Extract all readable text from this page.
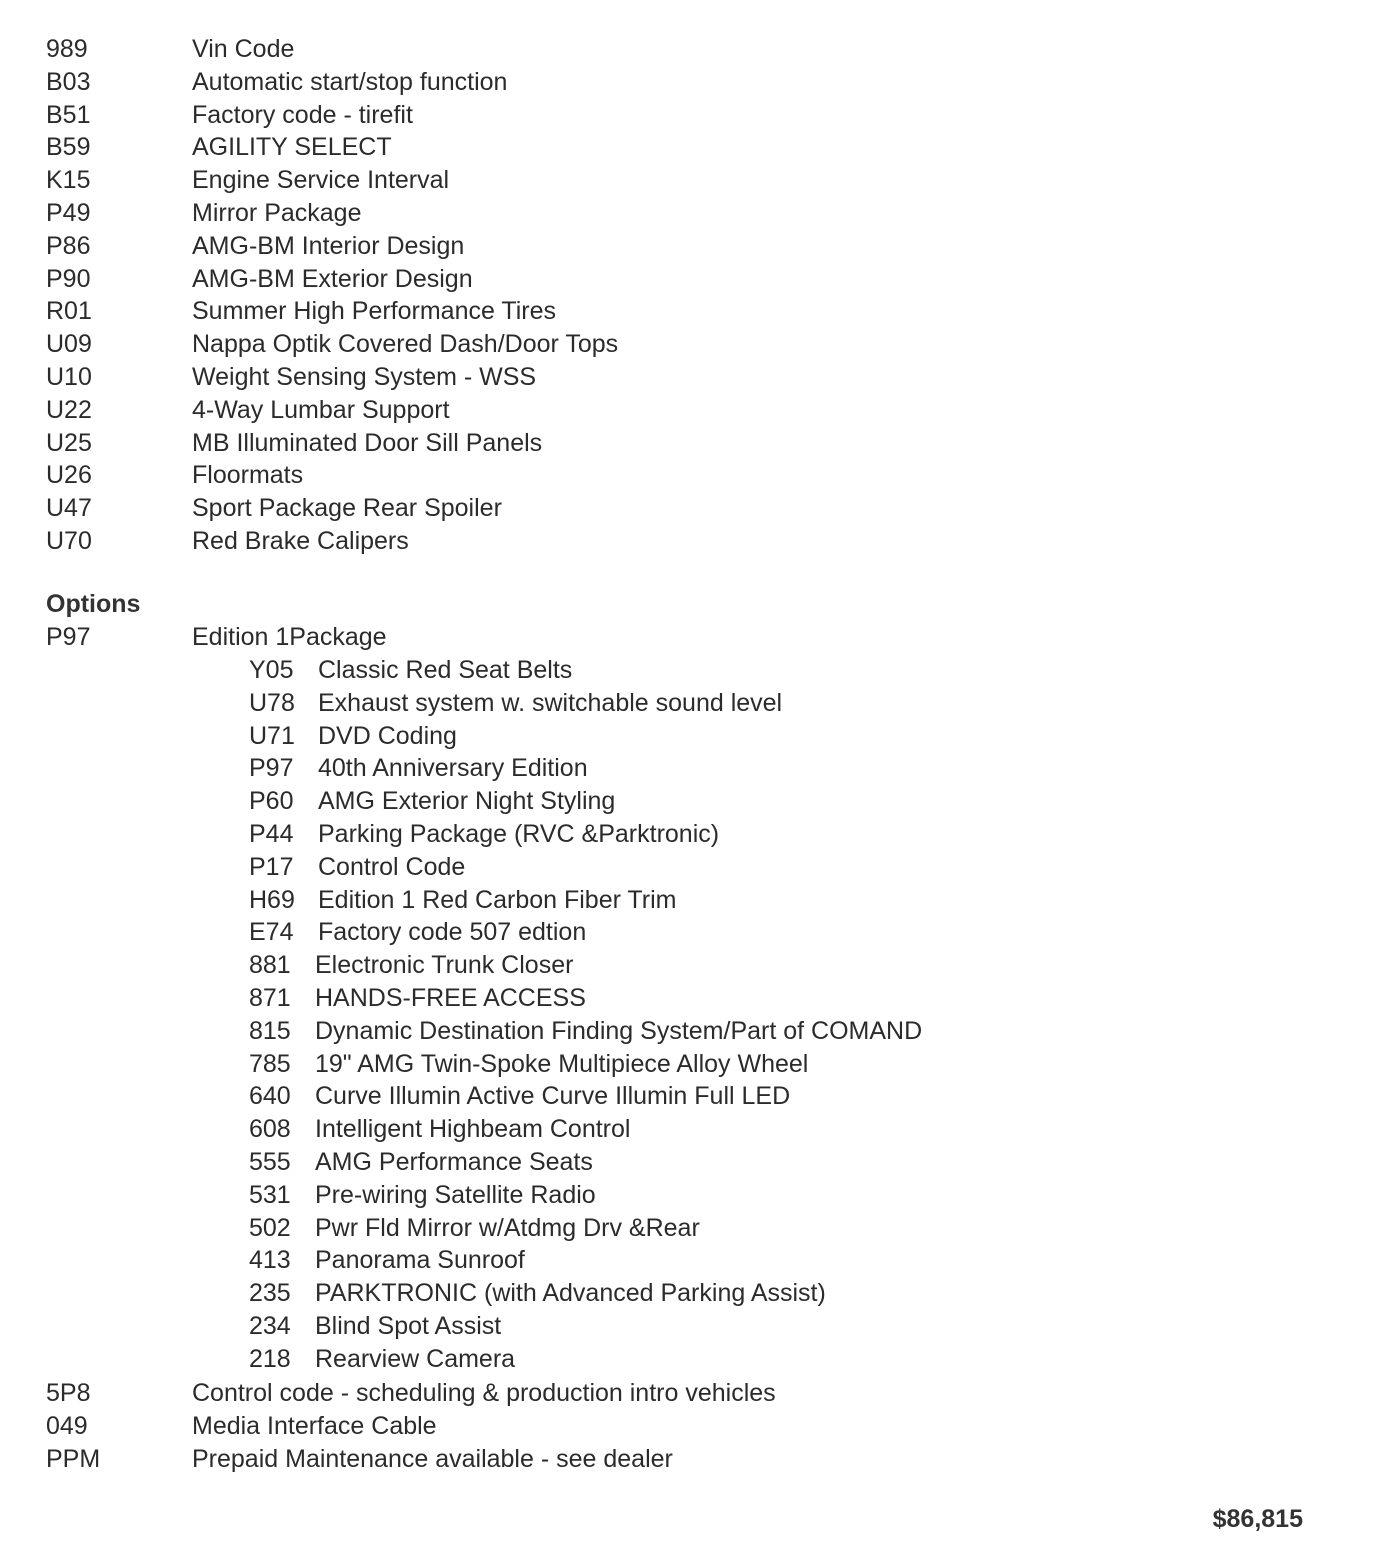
989	Vin Code
B03	Automatic start/stop function
B51	Factory code - tirefit
B59	AGILITY SELECT
K15	Engine Service Interval
P49	Mirror Package
P86	AMG-BM Interior Design
P90	AMG-BM Exterior Design
R01	Summer High Performance Tires
U09	Nappa Optik Covered Dash/Door Tops
U10	Weight Sensing System - WSS
U22	4-Way Lumbar Support
U25	MB Illuminated Door Sill Panels
U26	Floormats
U47	Sport Package Rear Spoiler
U70	Red Brake Calipers
Options
P97	Edition 1Package
Y05 Classic Red Seat Belts
U78 Exhaust system w. switchable sound level
U71 DVD Coding
P97 40th Anniversary Edition
P60 AMG Exterior Night Styling
P44 Parking Package (RVC &Parktronic)
P17 Control Code
H69 Edition 1 Red Carbon Fiber Trim
E74 Factory code 507 edtion
881 Electronic Trunk Closer
871 HANDS-FREE ACCESS
815 Dynamic Destination Finding System/Part of COMAND
785 19" AMG Twin-Spoke Multipiece Alloy Wheel
640 Curve Illumin Active Curve Illumin Full LED
608 Intelligent Highbeam Control
555 AMG Performance Seats
531 Pre-wiring Satellite Radio
502 Pwr Fld Mirror w/Atdmg Drv &Rear
413 Panorama Sunroof
235 PARKTRONIC (with Advanced Parking Assist)
234 Blind Spot Assist
218 Rearview Camera
5P8	Control code - scheduling & production intro vehicles
049	Media Interface Cable
PPM	Prepaid Maintenance available - see dealer
$86,815
